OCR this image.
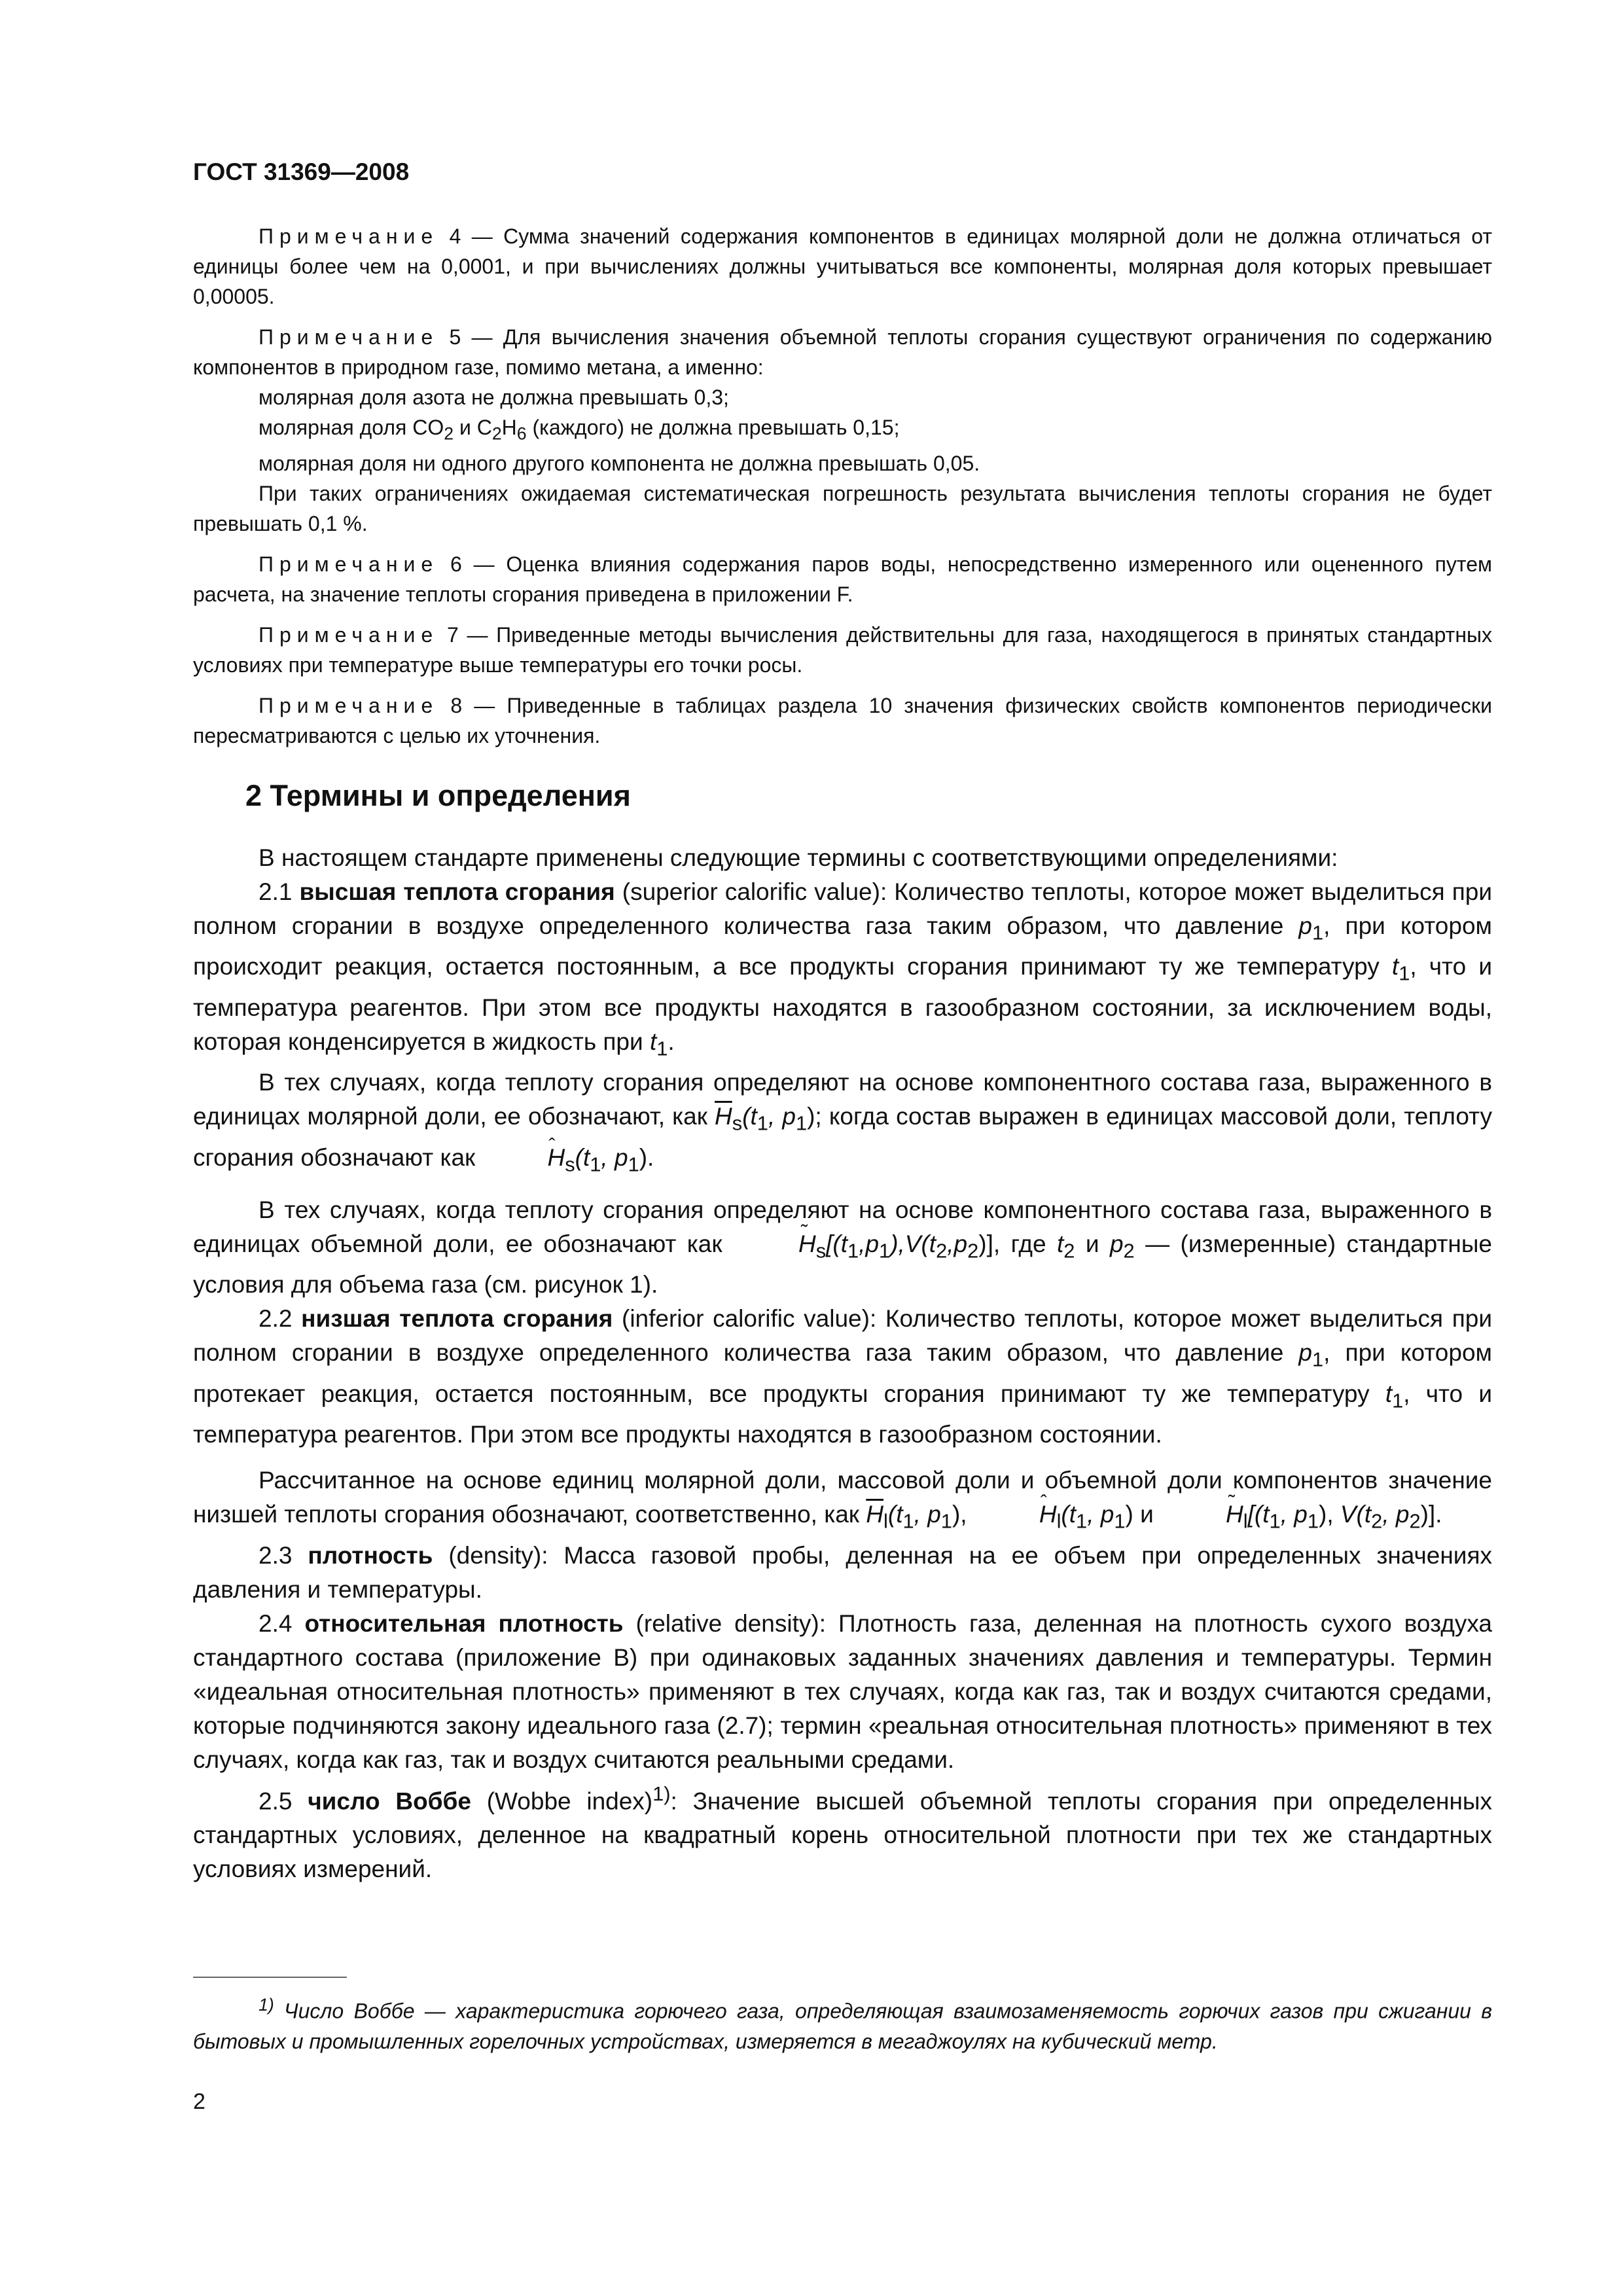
ГОСТ 31369—2008

Примечание 4 — Сумма значений содержания компонентов в единицах молярной доли не должна отличаться от единицы более чем на 0,0001, и при вычислениях должны учитываться все компоненты, молярная доля которых превышает 0,00005.

Примечание 5 — Для вычисления значения объемной теплоты сгорания существуют ограничения по содержанию компонентов в природном газе, помимо метана, а именно:

молярная доля азота не должна превышать 0,3;

молярная доля $CO_2$ и $C_2H_6$ (каждого) не должна превышать 0,15;

молярная доля ни одного другого компонента не должна превышать 0,05.

При таких ограничениях ожидаемая систематическая погрешность результата вычисления теплоты сгорания не будет превышать 0,1 %.

Примечание 6 — Оценка влияния содержания паров воды, непосредственно измеренного или оцененного путем расчета, на значение теплоты сгорания приведена в приложении F.

Примечание 7 — Приведенные методы вычисления действительны для газа, находящегося в принятых стандартных условиях при температуре выше температуры его точки росы.

Примечание 8 — Приведенные в таблицах раздела 10 значения физических свойств компонентов периодически пересматриваются с целью их уточнения.

2 Термины и определения

В настоящем стандарте применены следующие термины с соответствующими определениями:

2.1 высшая теплота сгорания (superior calorific value): Количество теплоты, которое может выделиться при полном сгорании в воздухе определенного количества газа таким образом, что давление $p_1$, при котором происходит реакция, остается постоянным, а все продукты сгорания принимают ту же температуру $t_1$, что и температура реагентов. При этом все продукты находятся в газообразном состоянии, за исключением воды, которая конденсируется в жидкость при $t_1$.

В тех случаях, когда теплоту сгорания определяют на основе компонентного состава газа, выраженного в единицах молярной доли, ее обозначают, как $\overline{H}_s(t_1$, $p_1$); когда состав выражен в единицах массовой доли, теплоту сгорания обозначают как	ˆ $H_s(t_1$, $p_1$).

В тех случаях, когда теплоту сгорания определяют на основе компонентного состава газа, выраженного в единицах объемной доли, ее обозначают как	˜ $H_s[(t_1,p_1),V(t_2,p_2)]$, где $t_2$ и $p_2$ — (измеренные) стандартные условия для объема газа (см. рисунок 1).

2.2 низшая теплота сгорания (inferior calorific value): Количество теплоты, которое может выделиться при полном сгорании в воздухе определенного количества газа таким образом, что давление $p_1$, при котором протекает реакция, остается постоянным, все продукты сгорания принимают ту же температуру $t_1$, что и температура реагентов. При этом все продукты находятся в газообразном состоянии.

Рассчитанное на основе единиц молярной доли, массовой доли и объемной доли компонентов значение низшей теплоты сгорания обозначают, соответственно, как $\overline{H}_l(t_1$, $p_1$),	ˆ $H_l(t_1$, $p_1$) и	˜ $H_l[(t_1$, $p_1$), $V(t_2$, $p_2$)].

2.3 плотность (density): Масса газовой пробы, деленная на ее объем при определенных значениях давления и температуры.

2.4 относительная плотность (relative density): Плотность газа, деленная на плотность сухого воздуха стандартного состава (приложение B) при одинаковых заданных значениях давления и температуры. Термин «идеальная относительная плотность» применяют в тех случаях, когда как газ, так и воздух считаются средами, которые подчиняются закону идеального газа (2.7); термин «реальная относительная плотность» применяют в тех случаях, когда как газ, так и воздух считаются реальными средами.

2.5 число Воббе (Wobbe index)$^{1)}$: Значение высшей объемной теплоты сгорания при определенных стандартных условиях, деленное на квадратный корень относительной плотности при тех же стандартных условиях измерений.

$^{1)}$ Число Воббе — характеристика горючего газа, определяющая взаимозаменяемость горючих газов при сжигании в бытовых и промышленных горелочных устройствах, измеряется в мегаджоулях на кубический метр.

2
